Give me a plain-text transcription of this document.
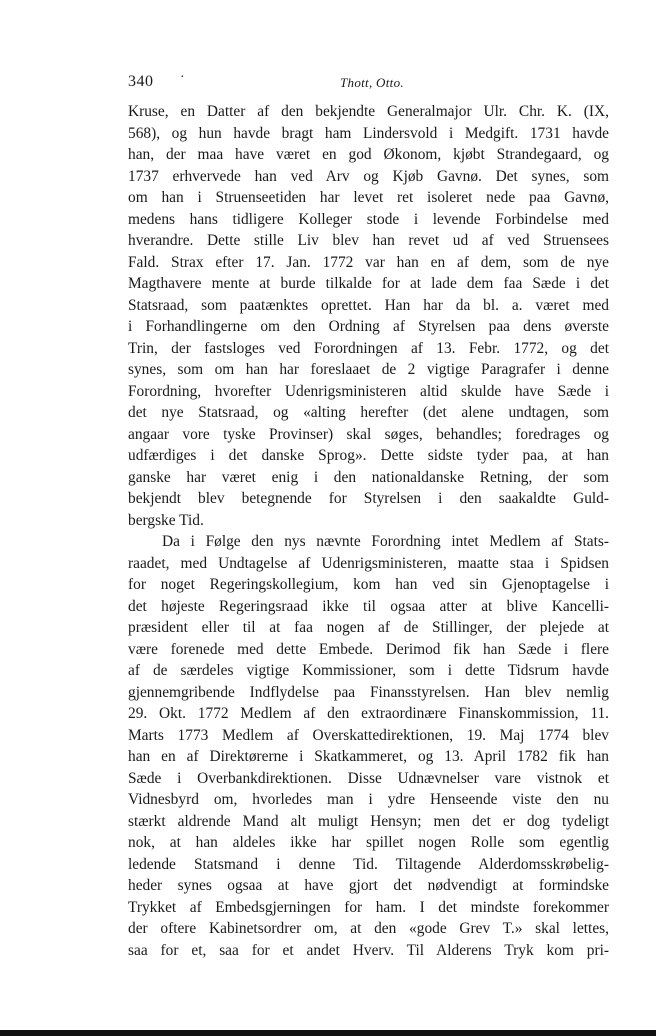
340 ·	Thott, Otto.
Kruse, en Datter af den bekjendte Generalmajor Ulr. Chr. K. (IX,
568), og hun havde bragt ham Lindersvold i Medgift. 1731 havde
han, der maa have været en god Økonom, kjøbt Strandegaard, og
1737 erhvervede han ved Arv og Kjøb Gavnø. Det synes, som
om han i Struenseetiden har levet ret isoleret nede paa Gavnø,
medens hans tidligere Kolleger stode i levende Forbindelse med
hverandre. Dette stille Liv blev han revet ud af ved Struensees
Fald. Strax efter 17. Jan. 1772 var han en af dem, som de nye
Magthavere mente at burde tilkalde for at lade dem faa Sæde i det
Statsraad, som paatænktes oprettet. Han har da bl. a. været med
i Forhandlingerne om den Ordning af Styrelsen paa dens øverste
Trin, der fastsloges ved Forordningen af 13. Febr. 1772, og det
synes, som om han har foreslaaet de 2 vigtige Paragrafer i denne
Forordning, hvorefter Udenrigsministeren altid skulde have Sæde i
det nye Statsraad, og «alting herefter (det alene undtagen, som
angaar vore tyske Provinser) skal søges, behandles; foredrages og
udfærdiges i det danske Sprog». Dette sidste tyder paa, at han
ganske har været enig i den nationaldanske Retning, der som
bekjendt blev betegnende for Styrelsen i den saakaldte Guld-
bergske Tid.
Da i Følge den nys nævnte Forordning intet Medlem af Stats-
raadet, med Undtagelse af Udenrigsministeren, maatte staa i Spidsen
for noget Regeringskollegium, kom han ved sin Gjenoptagelse i
det højeste Regeringsraad ikke til ogsaa atter at blive Kancelli-
præsident eller til at faa nogen af de Stillinger, der plejede at
være forenede med dette Embede. Derimod fik han Sæde i flere
af de særdeles vigtige Kommissioner, som i dette Tidsrum havde
gjennemgribende Indflydelse paa Finansstyrelsen. Han blev nemlig
29. Okt. 1772 Medlem af den extraordinære Finanskommission, 11.
Marts 1773 Medlem af Overskattedirektionen, 19. Maj 1774 blev
han en af Direktørerne i Skatkammeret, og 13. April 1782 fik han
Sæde i Overbankdirektionen. Disse Udnævnelser vare vistnok et
Vidnesbyrd om, hvorledes man i ydre Henseende viste den nu
stærkt aldrende Mand alt muligt Hensyn; men det er dog tydeligt
nok, at han aldeles ikke har spillet nogen Rolle som egentlig
ledende Statsmand i denne Tid. Tiltagende Alderdomsskrøbelig-
heder synes ogsaa at have gjort det nødvendigt at formindske
Trykket af Embedsgjerningen for ham. I det mindste forekommer
der oftere Kabinetsordrer om, at den «gode Grev T.» skal lettes,
saa for et, saa for et andet Hverv. Til Alderens Tryk kom pri-
